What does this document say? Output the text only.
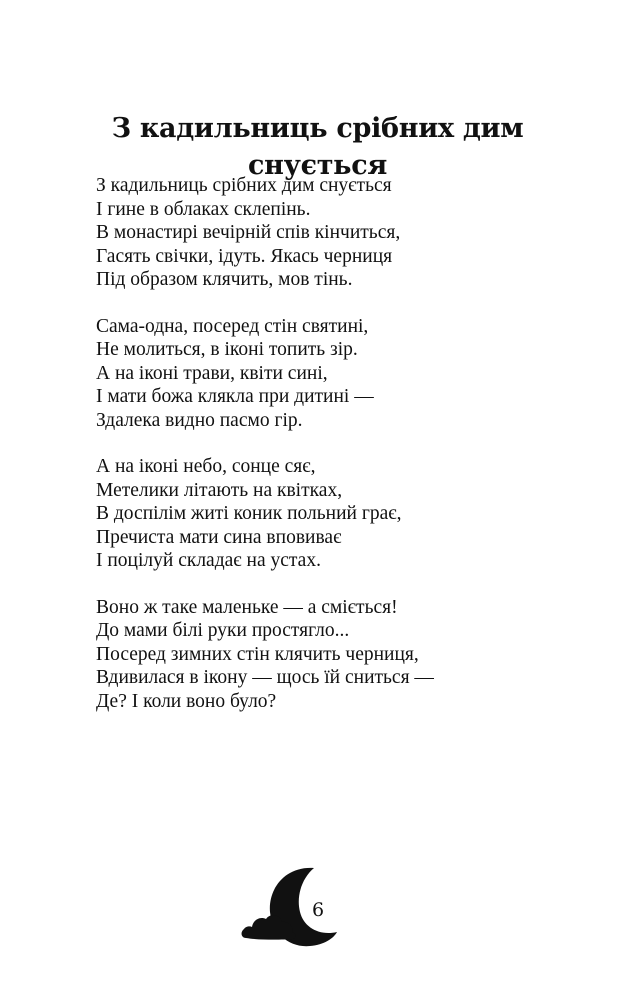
З кадильниць срібних дим
снується
З кадильниць срібних дим снується
І гине в облаках склепінь.
В монастирі вечірній спів кінчиться,
Гасять свічки, ідуть. Якась черниця
Під образом клячить, мов тінь.
Сама-одна, посеред стін святині,
Не молиться, в іконі топить зір.
А на іконі трави, квіти сині,
І мати божа клякла при дитині —
Здалека видно пасмо гір.
А на іконі небо, сонце сяє,
Метелики літають на квітках,
В доспілім житі коник польний грає,
Пречиста мати сина вповиває
І поцілуй складає на устах.
Воно ж таке маленьке — а сміється!
До мами білі руки простягло...
Посеред зимних стін клячить черниця,
Вдивилася в ікону — щось їй сниться —
Де? І коли воно було?
6
